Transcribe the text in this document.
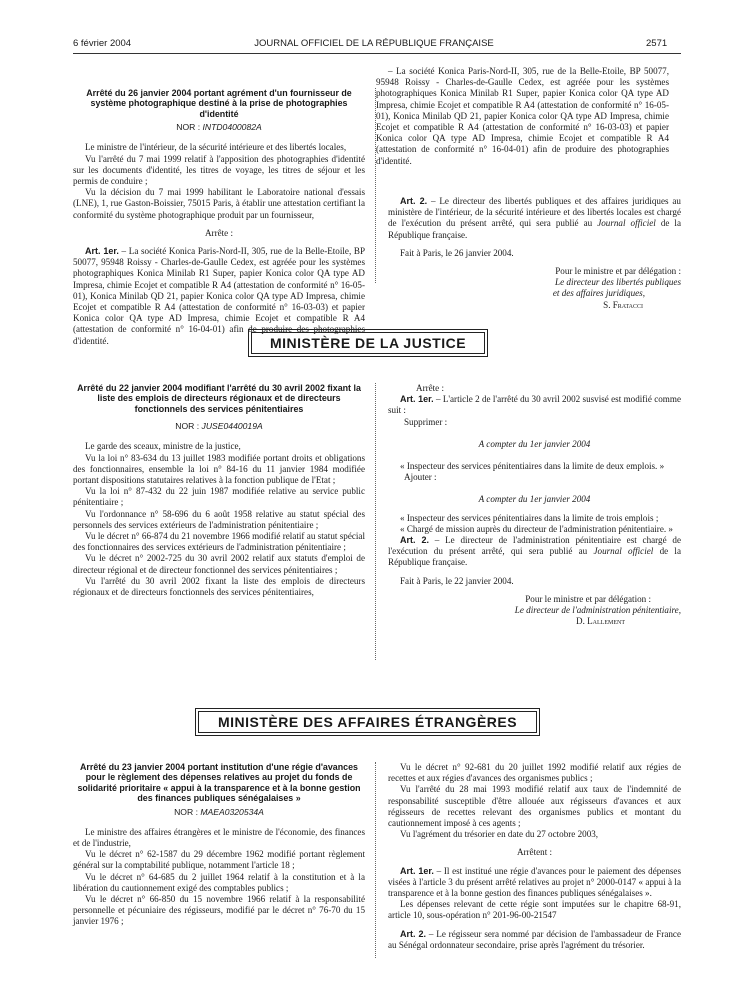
6 février 2004	JOURNAL OFFICIEL DE LA RÉPUBLIQUE FRANÇAISE	2571

Arrêté du 26 janvier 2004 portant agrément d'un fournisseur de système photographique destiné à la prise de photographies d'identité

NOR : INTD0400082A

Le ministre de l'intérieur, de la sécurité intérieure et des libertés locales,

Vu l'arrêté du 7 mai 1999 relatif à l'apposition des photographies d'identité sur les documents d'identité, les titres de voyage, les titres de séjour et les permis de conduire ;

Vu la décision du 7 mai 1999 habilitant le Laboratoire national d'essais (LNE), 1, rue Gaston-Boissier, 75015 Paris, à établir une attestation certifiant la conformité du système photographique produit par un fournisseur,

Arrête :

Art. 1er. – La société Konica Paris-Nord-II, 305, rue de la Belle-Etoile, BP 50077, 95948 Roissy - Charles-de-Gaulle Cedex, est agréée pour les systèmes photographiques Konica Minilab R1 Super, papier Konica color QA type AD Impresa, chimie Ecojet et compatible R A4 (attestation de conformité n° 16-05-01), Konica Minilab QD 21, papier Konica color QA type AD Impresa, chimie Ecojet et compatible R A4 (attestation de conformité n° 16-03-03) et papier Konica color QA type AD Impresa, chimie Ecojet et compatible R A4 (attestation de conformité n° 16-04-01) afin de produire des photographies d'identité.

– La société Konica Paris-Nord-II, 305, rue de la Belle-Etoile, BP 50077, 95948 Roissy - Charles-de-Gaulle Cedex, est agréée pour les systèmes photographiques Konica Minilab R1 Super, papier Konica color QA type AD Impresa, chimie Ecojet et compatible R A4 (attestation de conformité n° 16-05-01), Konica Minilab QD 21, papier Konica color QA type AD Impresa, chimie Ecojet et compatible R A4 (attestation de conformité n° 16-03-03) et papier Konica color QA type AD Impresa, chimie Ecojet et compatible R A4 (attestation de conformité n° 16-04-01) afin de produire des photographies d'identité.

Art. 2. – Le directeur des libertés publiques et des affaires juridiques au ministère de l'intérieur, de la sécurité intérieure et des libertés locales est chargé de l'exécution du présent arrêté, qui sera publié au Journal officiel de la République française.

Fait à Paris, le 26 janvier 2004.

Pour le ministre et par délégation :

Le directeur des libertés publiques

et des affaires juridiques,

S. Fratacci

MINISTÈRE DE LA JUSTICE

Arrêté du 22 janvier 2004 modifiant l'arrêté du 30 avril 2002 fixant la liste des emplois de directeurs régionaux et de directeurs fonctionnels des services pénitentiaires

NOR : JUSE0440019A

Le garde des sceaux, ministre de la justice,

Vu la loi n° 83-634 du 13 juillet 1983 modifiée portant droits et obligations des fonctionnaires, ensemble la loi n° 84-16 du 11 janvier 1984 modifiée portant dispositions statutaires relatives à la fonction publique de l'Etat ;

Vu la loi n° 87-432 du 22 juin 1987 modifiée relative au service public pénitentiaire ;

Vu l'ordonnance n° 58-696 du 6 août 1958 relative au statut spécial des personnels des services extérieurs de l'administration pénitentiaire ;

Vu le décret n° 66-874 du 21 novembre 1966 modifié relatif au statut spécial des fonctionnaires des services extérieurs de l'administration pénitentiaire ;

Vu le décret n° 2002-725 du 30 avril 2002 relatif aux statuts d'emploi de directeur régional et de directeur fonctionnel des services pénitentiaires ;

Vu l'arrêté du 30 avril 2002 fixant la liste des emplois de directeurs régionaux et de directeurs fonctionnels des services pénitentiaires,

Arrête :

Art. 1er. – L'article 2 de l'arrêté du 30 avril 2002 susvisé est modifié comme suit :

Supprimer :

A compter du 1er janvier 2004

« Inspecteur des services pénitentiaires dans la limite de deux emplois. »

Ajouter :

A compter du 1er janvier 2004

« Inspecteur des services pénitentiaires dans la limite de trois emplois ;

« Chargé de mission auprès du directeur de l'administration pénitentiaire. »

Art. 2. – Le directeur de l'administration pénitentiaire est chargé de l'exécution du présent arrêté, qui sera publié au Journal officiel de la République française.

Fait à Paris, le 22 janvier 2004.

Pour le ministre et par délégation :

Le directeur de l'administration pénitentiaire,

D. Lallement

MINISTÈRE DES AFFAIRES ÉTRANGÈRES

Arrêté du 23 janvier 2004 portant institution d'une régie d'avances pour le règlement des dépenses relatives au projet du fonds de solidarité prioritaire « appui à la transparence et à la bonne gestion des finances publiques sénégalaises »

NOR : MAEA0320534A

Le ministre des affaires étrangères et le ministre de l'économie, des finances et de l'industrie,

Vu le décret n° 62-1587 du 29 décembre 1962 modifié portant règlement général sur la comptabilité publique, notamment l'article 18 ;

Vu le décret n° 64-685 du 2 juillet 1964 relatif à la constitution et à la libération du cautionnement exigé des comptables publics ;

Vu le décret n° 66-850 du 15 novembre 1966 relatif à la responsabilité personnelle et pécuniaire des régisseurs, modifié par le décret n° 76-70 du 15 janvier 1976 ;

Vu le décret n° 92-681 du 20 juillet 1992 modifié relatif aux régies de recettes et aux régies d'avances des organismes publics ;

Vu l'arrêté du 28 mai 1993 modifié relatif aux taux de l'indemnité de responsabilité susceptible d'être allouée aux régisseurs d'avances et aux régisseurs de recettes relevant des organismes publics et montant du cautionnement imposé à ces agents ;

Vu l'agrément du trésorier en date du 27 octobre 2003,

Arrêtent :

Art. 1er. – Il est institué une régie d'avances pour le paiement des dépenses visées à l'article 3 du présent arrêté relatives au projet n° 2000-0147 « appui à la transparence et à la bonne gestion des finances publiques sénégalaises ».

Les dépenses relevant de cette régie sont imputées sur le chapitre 68-91, article 10, sous-opération n° 201-96-00-21547

Art. 2. – Le régisseur sera nommé par décision de l'ambassadeur de France au Sénégal ordonnateur secondaire, prise après l'agrément du trésorier.
